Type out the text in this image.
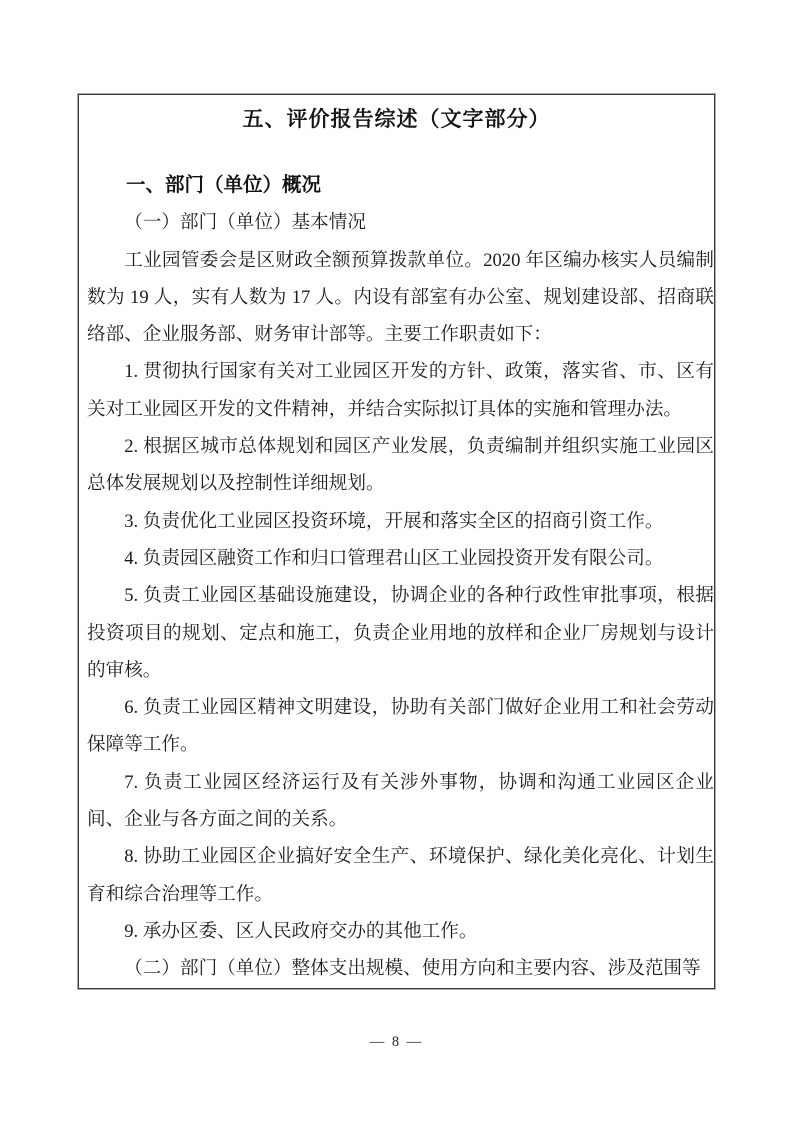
五、评价报告综述（文字部分）

一、部门（单位）概况

（一）部门（单位）基本情况

工业园管委会是区财政全额预算拨款单位。2020 年区编办核实人员编制数为 19 人，实有人数为 17 人。内设有部室有办公室、规划建设部、招商联络部、企业服务部、财务审计部等。主要工作职责如下：

1. 贯彻执行国家有关对工业园区开发的方针、政策，落实省、市、区有关对工业园区开发的文件精神，并结合实际拟订具体的实施和管理办法。

2. 根据区城市总体规划和园区产业发展，负责编制并组织实施工业园区总体发展规划以及控制性详细规划。

3. 负责优化工业园区投资环境，开展和落实全区的招商引资工作。

4. 负责园区融资工作和归口管理君山区工业园投资开发有限公司。

5. 负责工业园区基础设施建设，协调企业的各种行政性审批事项，根据投资项目的规划、定点和施工，负责企业用地的放样和企业厂房规划与设计的审核。

6. 负责工业园区精神文明建设，协助有关部门做好企业用工和社会劳动保障等工作。

7. 负责工业园区经济运行及有关涉外事物，协调和沟通工业园区企业间、企业与各方面之间的关系。

8. 协助工业园区企业搞好安全生产、环境保护、绿化美化亮化、计划生育和综合治理等工作。

9. 承办区委、区人民政府交办的其他工作。

（二）部门（单位）整体支出规模、使用方向和主要内容、涉及范围等

— 8 —
